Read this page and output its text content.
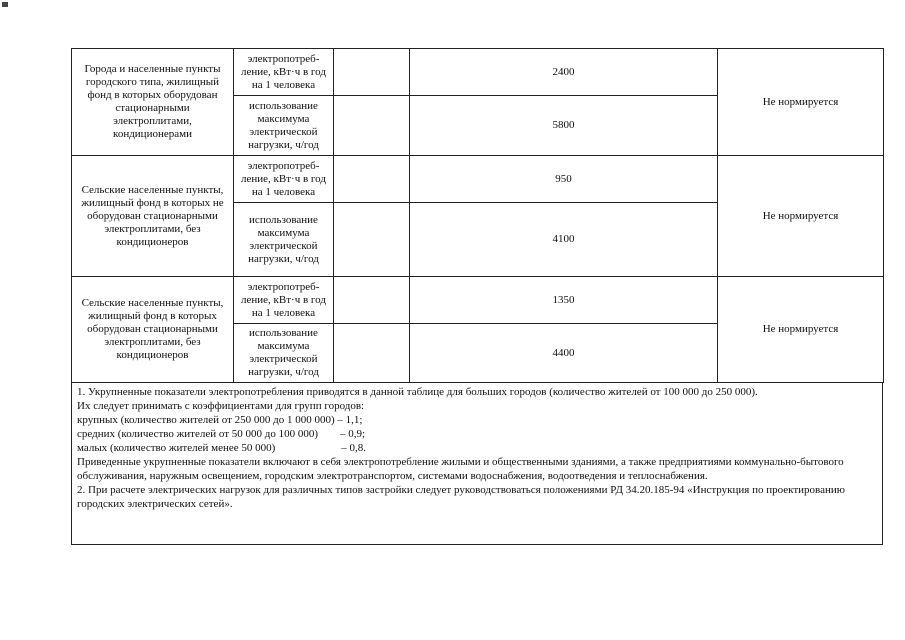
Города и населенные пункты городского типа, жилищный фонд в которых оборудован стационарными электроплитами, кондиционерами	электропотреб-ление, кВт·ч в год на 1 человека		2400	Не нормируется
	использование максимума электрической нагрузки, ч/год		5800	
Сельские населенные пункты, жилищный фонд в которых не оборудован стационарными электроплитами, без кондиционеров	электропотреб-ление, кВт·ч в год на 1 человека		950	Не нормируется
	использование максимума электрической нагрузки, ч/год		4100	
Сельские населенные пункты, жилищный фонд в которых оборудован стационарными электроплитами, без кондиционеров	электропотреб-ление, кВт·ч в год на 1 человека		1350	Не нормируется
	использование максимума электрической нагрузки, ч/год		4400	

1. Укрупненные показатели электропотребления приводятся в данной таблице для больших городов (количество жителей от 100 000 до 250 000).

Их следует принимать с коэффициентами для групп городов:

крупных (количество жителей от 250 000 до 1 000 000) – 1,1;

средних (количество жителей от 50 000 до 100 000) – 0,9;

малых (количество жителей менее 50 000)	– 0,8.

Приведенные укрупненные показатели включают в себя электропотребление жилыми и общественными зданиями, а также предприятиями коммунально-бытового обслуживания, наружным освещением, городским электротранспортом, системами водоснабжения, водоотведения и теплоснабжения.

2. При расчете электрических нагрузок для различных типов застройки следует руководствоваться положениями РД 34.20.185-94 «Инструкция по проектированию городских электрических сетей».
